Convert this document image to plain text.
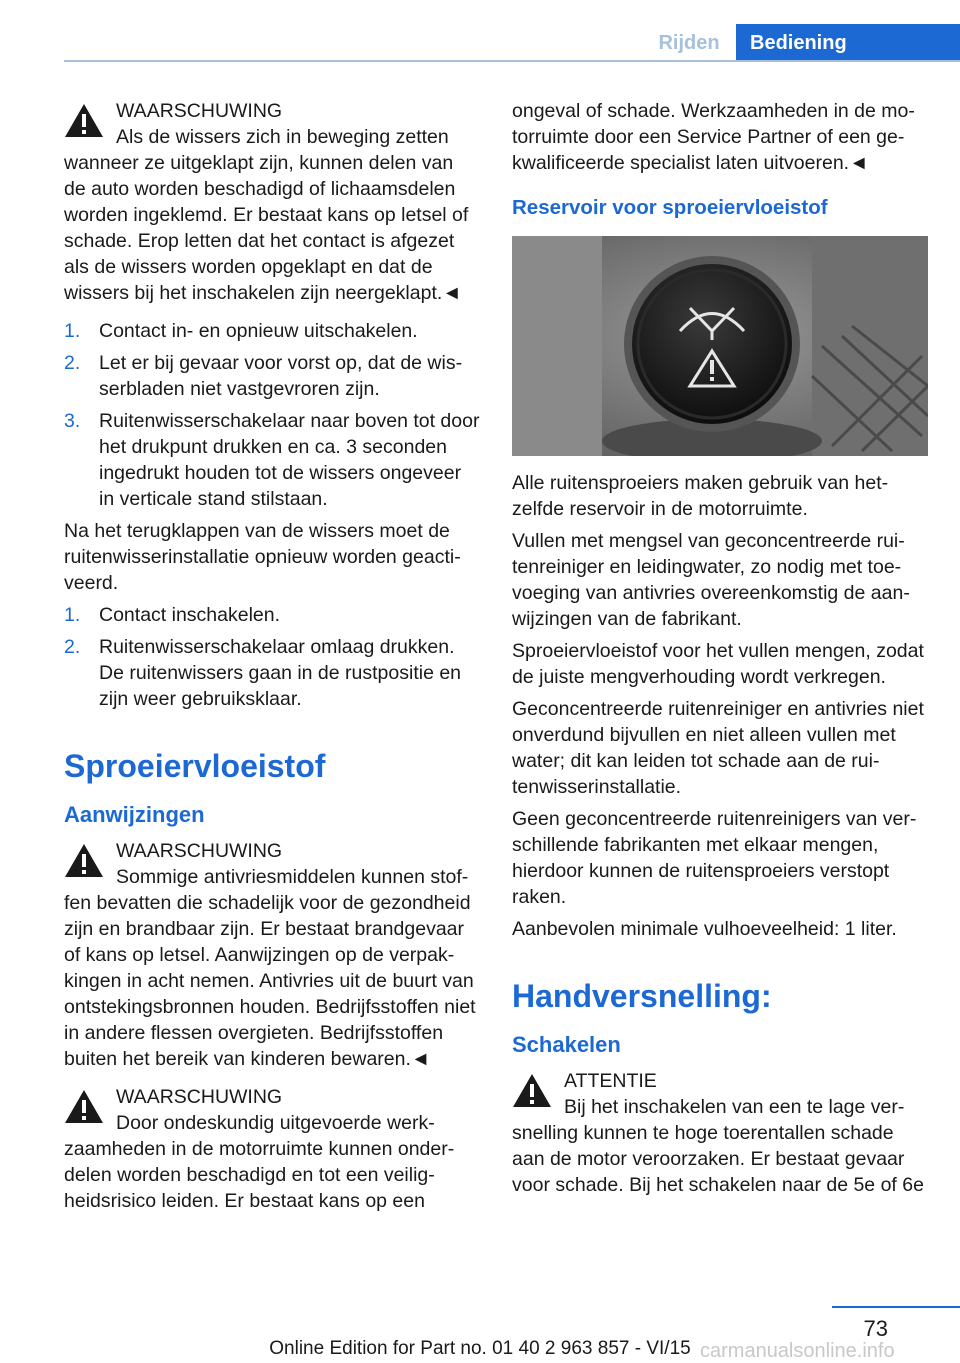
Rijden	Bediening
WAARSCHUWING
Als de wissers zich in beweging zetten wanneer ze uitgeklapt zijn, kunnen delen van de auto worden beschadigd of lichaamsdelen worden ingeklemd. Er bestaat kans op letsel of schade. Erop letten dat het contact is afgezet als de wissers worden opgeklapt en dat de wissers bij het inschakelen zijn neergeklapt.◄
1. Contact in- en opnieuw uitschakelen.
2. Let er bij gevaar voor vorst op, dat de wisserbladen niet vastgevroren zijn.
3. Ruitenwisserschakelaar naar boven tot door het drukpunt drukken en ca. 3 seconden ingedrukt houden tot de wissers ongeveer in verticale stand stilstaan.

Na het terugklappen van de wissers moet de ruitenwisserinstallatie opnieuw worden geactiveerd.

1. Contact inschakelen.
2. Ruitenwisserschakelaar omlaag drukken. De ruitenwissers gaan in de rustpositie en zijn weer gebruiksklaar.
Sproeiervloeistof
Aanwijzingen
WAARSCHUWING
Sommige antivriesmiddelen kunnen stoffen bevatten die schadelijk voor de gezondheid zijn en brandbaar zijn. Er bestaat brandgevaar of kans op letsel. Aanwijzingen op de verpakkingen in acht nemen. Antivries uit de buurt van ontstekingsbronnen houden. Bedrijfsstoffen niet in andere flessen overgieten. Bedrijfsstoffen buiten het bereik van kinderen bewaren.◄
WAARSCHUWING
Door ondeskundig uitgevoerde werkzaamheden in de motorruimte kunnen onderdelen worden beschadigd en tot een veiligheidsrisico leiden. Er bestaat kans op een

ongeval of schade. Werkzaamheden in de motorruimte door een Service Partner of een gekwalificeerde specialist laten uitvoeren.◄

Reservoir voor sproeiervloeistof

Alle ruitensproeiers maken gebruik van hetzelfde reservoir in de motorruimte.

Vullen met mengsel van geconcentreerde ruitenreiniger en leidingwater, zo nodig met toevoeging van antivries overeenkomstig de aanwijzingen van de fabrikant.

Sproeiervloeistof voor het vullen mengen, zodat de juiste mengverhouding wordt verkregen.

Geconcentreerde ruitenreiniger en antivries niet onverdund bijvullen en niet alleen vullen met water; dit kan leiden tot schade aan de ruitenwisserinstallatie.

Geen geconcentreerde ruitenreinigers van verschillende fabrikanten met elkaar mengen, hierdoor kunnen de ruitensproeiers verstopt raken.

Aanbevolen minimale vulhoeveelheid: 1 liter.

Handversnelling:
Schakelen
ATTENTIE
Bij het inschakelen van een te lage versnelling kunnen te hoge toerentallen schade aan de motor veroorzaken. Er bestaat gevaar voor schade. Bij het schakelen naar de 5e of 6e
73
carmanualsonline.info
Online Edition for Part no. 01 40 2 963 857 - VI/15
